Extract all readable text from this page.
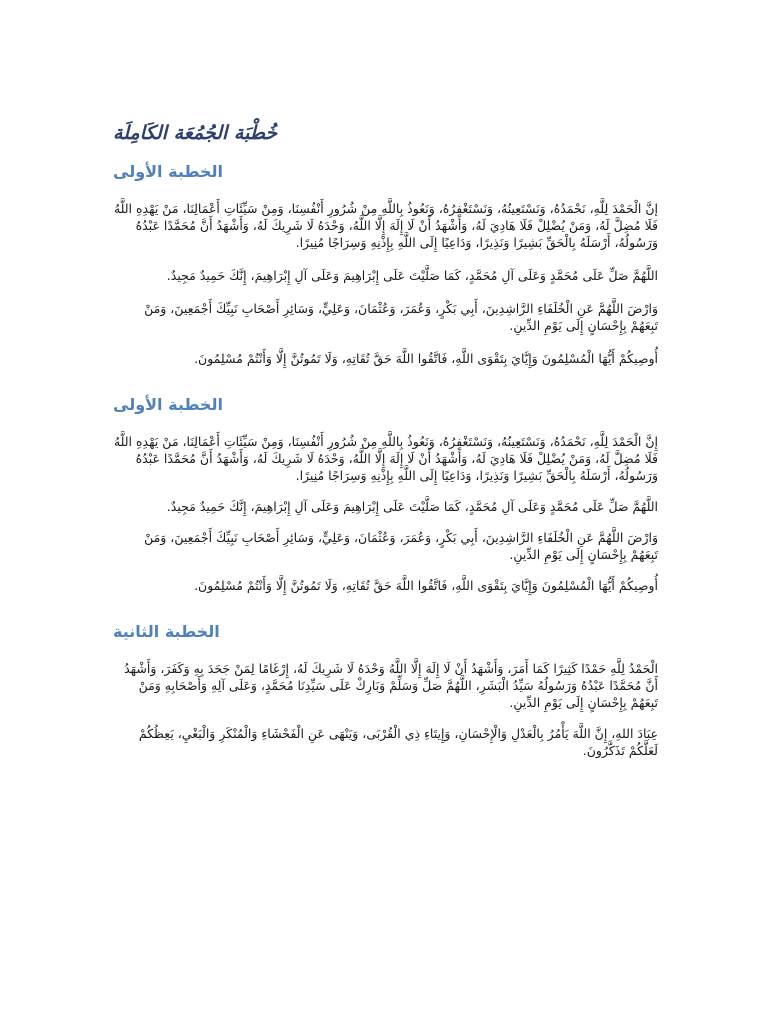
خُطْبَة الجُمُعَة الكَامِلَة
الخطبة الأولى

إنَّ الْحَمْدَ لِلَّهِ، نَحْمَدُهُ، وَنَسْتَعِينُهُ، وَنَسْتَغْفِرُهُ، وَنَعُوذُ بِاللَّهِ مِنْ شُرُورِ أَنْفُسِنَا، وَمِنْ سَيِّئَاتِ أَعْمَالِنَا، مَنْ يَهْدِهِ اللَّهُ فَلَا مُضِلَّ لَهُ، وَمَنْ يُضْلِلْ فَلَا هَادِيَ لَهُ، وَأَشْهَدُ أَنْ لَا إِلَهَ إِلَّا اللَّهُ، وَحْدَهُ لَا شَرِيكَ لَهُ، وَأَشْهَدُ أَنَّ مُحَمَّدًا عَبْدُهُ وَرَسُولُهُ، أَرْسَلَهُ بِالْحَقِّ بَشِيرًا وَنَذِيرًا، وَدَاعِيًا إِلَى اللَّهِ بِإِذْنِهِ وَسِرَاجًا مُنِيرًا.

اللَّهُمَّ صَلِّ عَلَى مُحَمَّدٍ وَعَلَى آلِ مُحَمَّدٍ، كَمَا صَلَّيْتَ عَلَى إِبْرَاهِيمَ وَعَلَى آلِ إِبْرَاهِيمَ، إِنَّكَ حَمِيدٌ مَجِيدٌ.

وَارْضَ اللَّهُمَّ عَنِ الْخُلَفَاءِ الرَّاشِدِينَ، أَبِي بَكْرٍ، وَعُمَرَ، وَعُثْمَانَ، وَعَلِيٍّ، وَسَائِرِ أَصْحَابِ نَبِيِّكَ أَجْمَعِينَ، وَمَنْ تَبِعَهُمْ بِإِحْسَانٍ إِلَى يَوْمِ الدِّينِ.

أُوصِيكُمْ أَيُّهَا الْمُسْلِمُونَ وَإِيَّايَ بِتَقْوَى اللَّهِ، فَاتَّقُوا اللَّهَ حَقَّ تُقَاتِهِ، وَلَا تَمُوتُنَّ إِلَّا وَأَنْتُمْ مُسْلِمُونَ.

الخطبة الأولى

إِنَّ الْحَمْدَ لِلَّهِ، نَحْمَدُهُ، وَنَسْتَعِينُهُ، وَنَسْتَغْفِرُهُ، وَنَعُوذُ بِاللَّهِ مِنْ شُرُورِ أَنْفُسِنَا، وَمِنْ سَيِّئَاتِ أَعْمَالِنَا، مَنْ يَهْدِهِ اللَّهُ فَلَا مُضِلَّ لَهُ، وَمَنْ يُضْلِلْ فَلَا هَادِيَ لَهُ، وَأَشْهَدُ أَنْ لَا إِلَهَ إِلَّا اللَّهُ، وَحْدَهُ لَا شَرِيكَ لَهُ، وَأَشْهَدُ أَنَّ مُحَمَّدًا عَبْدُهُ وَرَسُولُهُ، أَرْسَلَهُ بِالْحَقِّ بَشِيرًا وَنَذِيرًا، وَدَاعِيًا إِلَى اللَّهِ بِإِذْنِهِ وَسِرَاجًا مُنِيرًا.

اللَّهُمَّ صَلِّ عَلَى مُحَمَّدٍ وَعَلَى آلِ مُحَمَّدٍ، كَمَا صَلَّيْتَ عَلَى إِبْرَاهِيمَ وَعَلَى آلِ إِبْرَاهِيمَ، إِنَّكَ حَمِيدٌ مَجِيدٌ.

وَارْضَ اللَّهُمَّ عَنِ الْخُلَفَاءِ الرَّاشِدِينَ، أَبِي بَكْرٍ، وَعُمَرَ، وَعُثْمَانَ، وَعَلِيٍّ، وَسَائِرِ أَصْحَابِ نَبِيِّكَ أَجْمَعِينَ، وَمَنْ تَبِعَهُمْ بِإِحْسَانٍ إِلَى يَوْمِ الدِّينِ.

أُوصِيكُمْ أَيُّهَا الْمُسْلِمُونَ وَإِيَّايَ بِتَقْوَى اللَّهِ، فَاتَّقُوا اللَّهَ حَقَّ تُقَاتِهِ، وَلَا تَمُوتُنَّ إِلَّا وَأَنْتُمْ مُسْلِمُونَ.

الخطبة الثانية

الْحَمْدُ لِلَّهِ حَمْدًا كَثِيرًا كَمَا أَمَرَ، وَأَشْهَدُ أَنْ لَا إِلَهَ إِلَّا اللَّهُ وَحْدَهُ لَا شَرِيكَ لَهُ، إِرْغَامًا لِمَنْ جَحَدَ بِهِ وَكَفَرَ، وَأَشْهَدُ أَنَّ مُحَمَّدًا عَبْدُهُ وَرَسُولُهُ سَيِّدُ الْبَشَرِ، اللَّهُمَّ صَلِّ وَسَلِّمْ وَبَارِكْ عَلَى سَيِّدِنَا مُحَمَّدٍ، وَعَلَى آلِهِ وَأَصْحَابِهِ وَمَنْ تَبِعَهُمْ بِإِحْسَانٍ إِلَى يَوْمِ الدِّينِ.

عِبَادَ اللهِ، إِنَّ اللَّهَ يَأْمُرُ بِالْعَدْلِ وَالْإِحْسَانِ، وَإِيتَاءِ ذِي الْقُرْبَى، وَيَنْهَى عَنِ الْفَحْشَاءِ وَالْمُنْكَرِ وَالْبَغْيِ، يَعِظُكُمْ لَعَلَّكُمْ تَذَكَّرُونَ.
